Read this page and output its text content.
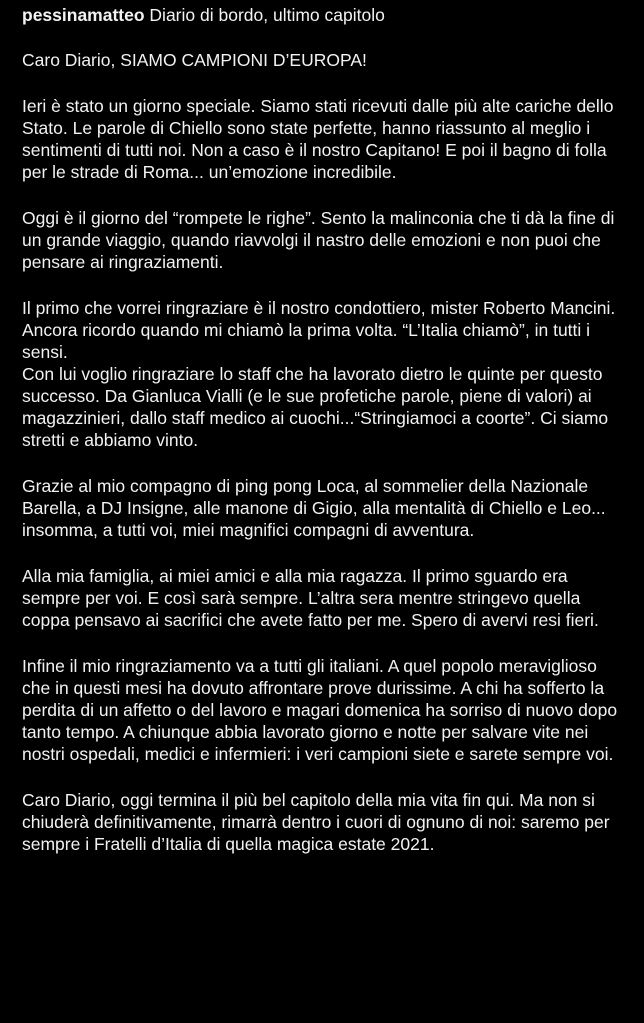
pessinamatteo Diario di bordo, ultimo capitolo
Caro Diario, SIAMO CAMPIONI D’EUROPA!

Ieri è stato un giorno speciale. Siamo stati ricevuti dalle più alte cariche dello Stato. Le parole di Chiello sono state perfette, hanno riassunto al meglio i sentimenti di tutti noi. Non a caso è il nostro Capitano! E poi il bagno di folla per le strade di Roma... un’emozione incredibile.

Oggi è il giorno del “rompete le righe”. Sento la malinconia che ti dà la fine di un grande viaggio, quando riavvolgi il nastro delle emozioni e non puoi che pensare ai ringraziamenti.

Il primo che vorrei ringraziare è il nostro condottiero, mister Roberto Mancini. Ancora ricordo quando mi chiamò la prima volta. “L’Italia chiamò”, in tutti i sensi.

Con lui voglio ringraziare lo staff che ha lavorato dietro le quinte per questo successo. Da Gianluca Vialli (e le sue profetiche parole, piene di valori) ai magazzinieri, dallo staff medico ai cuochi...“Stringiamoci a coorte”. Ci siamo stretti e abbiamo vinto.

Grazie al mio compagno di ping pong Loca, al sommelier della Nazionale Barella, a DJ Insigne, alle manone di Gigio, alla mentalità di Chiello e Leo... insomma, a tutti voi, miei magnifici compagni di avventura.

Alla mia famiglia, ai miei amici e alla mia ragazza. Il primo sguardo era sempre per voi. E così sarà sempre. L’altra sera mentre stringevo quella coppa pensavo ai sacrifici che avete fatto per me. Spero di avervi resi fieri.

Infine il mio ringraziamento va a tutti gli italiani. A quel popolo meraviglioso che in questi mesi ha dovuto affrontare prove durissime. A chi ha sofferto la perdita di un affetto o del lavoro e magari domenica ha sorriso di nuovo dopo tanto tempo. A chiunque abbia lavorato giorno e notte per salvare vite nei nostri ospedali, medici e infermieri: i veri campioni siete e sarete sempre voi.

Caro Diario, oggi termina il più bel capitolo della mia vita fin qui. Ma non si chiuderà definitivamente, rimarrà dentro i cuori di ognuno di noi: saremo per sempre i Fratelli d’Italia di quella magica estate 2021.
